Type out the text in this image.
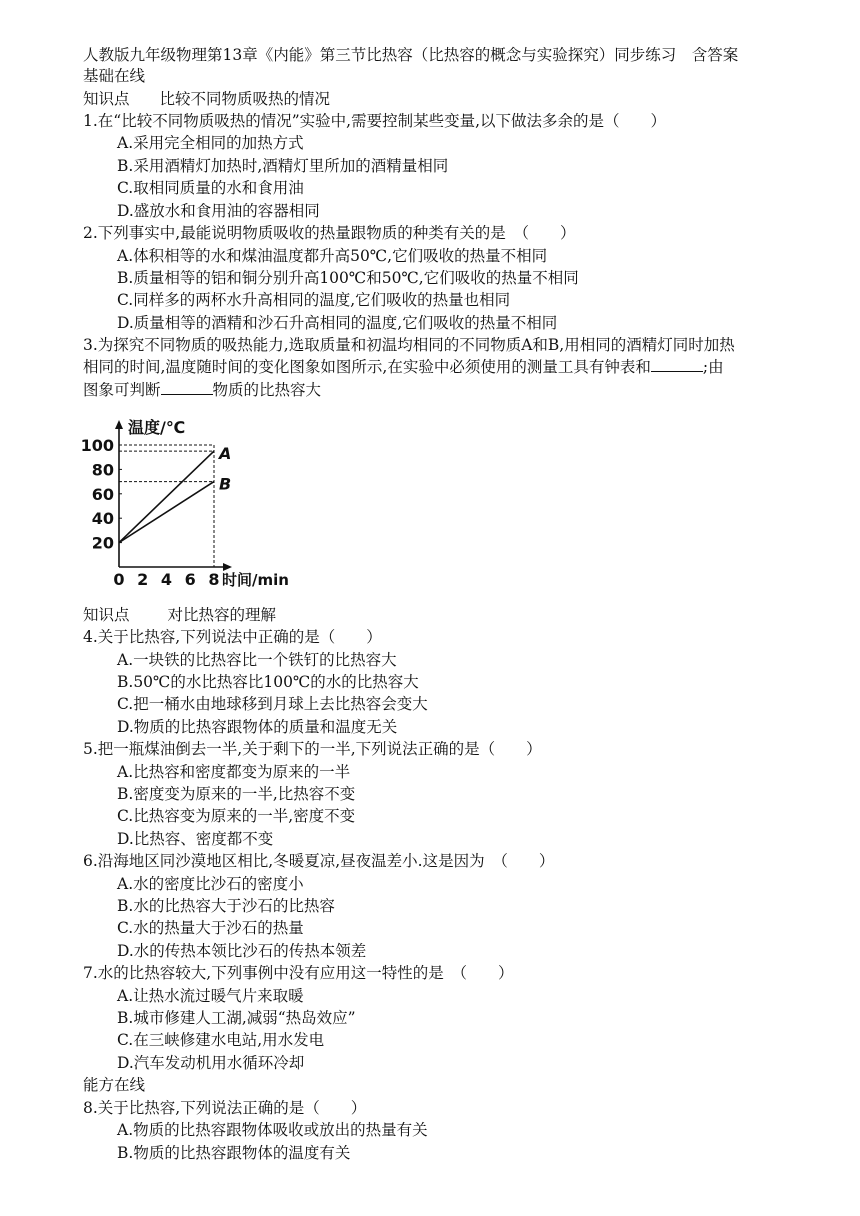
人教版九年级物理第13章《内能》第三节比热容（比热容的概念与实验探究）同步练习　含答案
基础在线
知识点 比较不同物质吸热的情况
1.在“比较不同物质吸热的情况”实验中,需要控制某些变量,以下做法多余的是（　　）
A.采用完全相同的加热方式
B.采用酒精灯加热时,酒精灯里所加的酒精量相同
C.取相同质量的水和食用油
D.盛放水和食用油的容器相同
2.下列事实中,最能说明物质吸收的热量跟物质的种类有关的是　（　　）
A.体积相等的水和煤油温度都升高50℃,它们吸收的热量不相同
B.质量相等的铝和铜分别升高100℃和50℃,它们吸收的热量不相同
C.同样多的两杯水升高相同的温度,它们吸收的热量也相同
D.质量相等的酒精和沙石升高相同的温度,它们吸收的热量不相同
3.为探究不同物质的吸热能力,选取质量和初温均相同的不同物质A和B,用相同的酒精灯同时加热
相同的时间,温度随时间的变化图象如图所示,在实验中必须使用的测量工具有钟表和	;由
图象可判断	物质的比热容大
温度/℃
时间/min
20
40
60
80
100
0 2 4 6 8
A
B
知识点 对比热容的理解
4.关于比热容,下列说法中正确的是（　　）
A.一块铁的比热容比一个铁钉的比热容大
B.50℃的水比热容比100℃的水的比热容大
C.把一桶水由地球移到月球上去比热容会变大
D.物质的比热容跟物体的质量和温度无关
5.把一瓶煤油倒去一半,关于剩下的一半,下列说法正确的是（　　）
A.比热容和密度都变为原来的一半
B.密度变为原来的一半,比热容不变
C.比热容变为原来的一半,密度不变
D.比热容、密度都不变
6.沿海地区同沙漠地区相比,冬暖夏凉,昼夜温差小.这是因为　（　　）
A.水的密度比沙石的密度小
B.水的比热容大于沙石的比热容
C.水的热量大于沙石的热量
D.水的传热本领比沙石的传热本领差
7.水的比热容较大,下列事例中没有应用这一特性的是　（　　）
A.让热水流过暖气片来取暖
B.城市修建人工湖,减弱“热岛效应”
C.在三峡修建水电站,用水发电
D.汽车发动机用水循环冷却
能方在线
8.关于比热容,下列说法正确的是（　　）
A.物质的比热容跟物体吸收或放出的热量有关
B.物质的比热容跟物体的温度有关
